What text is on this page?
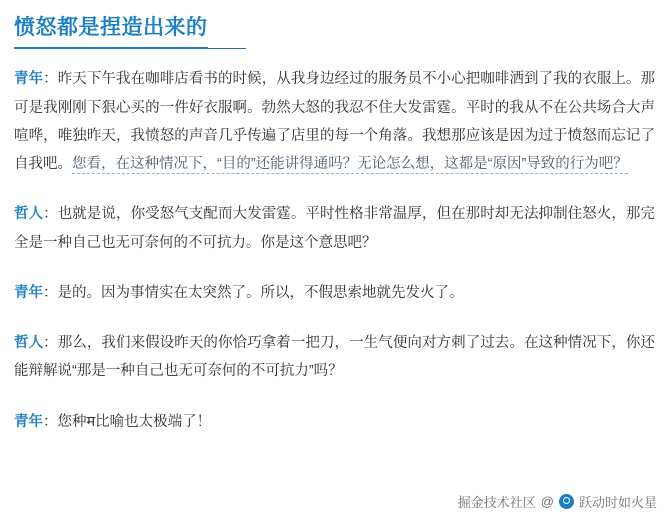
愤怒都是捏造出来的

青年：昨天下午我在咖啡店看书的时候，从我身边经过的服务员不小心把咖啡洒到了我的衣服上。那可是我刚刚下狠心买的一件好衣服啊。勃然大怒的我忍不住大发雷霆。平时的我从不在公共场合大声喧哗，唯独昨天，我愤怒的声音几乎传遍了店里的每一个角落。我想那应该是因为过于愤怒而忘记了自我吧。您看，在这种情况下，“目的”还能讲得通吗？无论怎么想，这都是“原因”导致的行为吧？

哲人：也就是说，你受怒气支配而大发雷霆。平时性格非常温厚，但在那时却无法抑制住怒火，那完全是一种自己也无可奈何的不可抗力。你是这个意思吧？

青年：是的。因为事情实在太突然了。所以，不假思索地就先发火了。

哲人：那么，我们来假设昨天的你恰巧拿着一把刀，一生气便向对方刺了过去。在这种情况下，你还能辩解说“那是一种自己也无可奈何的不可抗力”吗？

青年：您种म比喻也太极端了！

掘金技术社区 @ 跃动时如火星
